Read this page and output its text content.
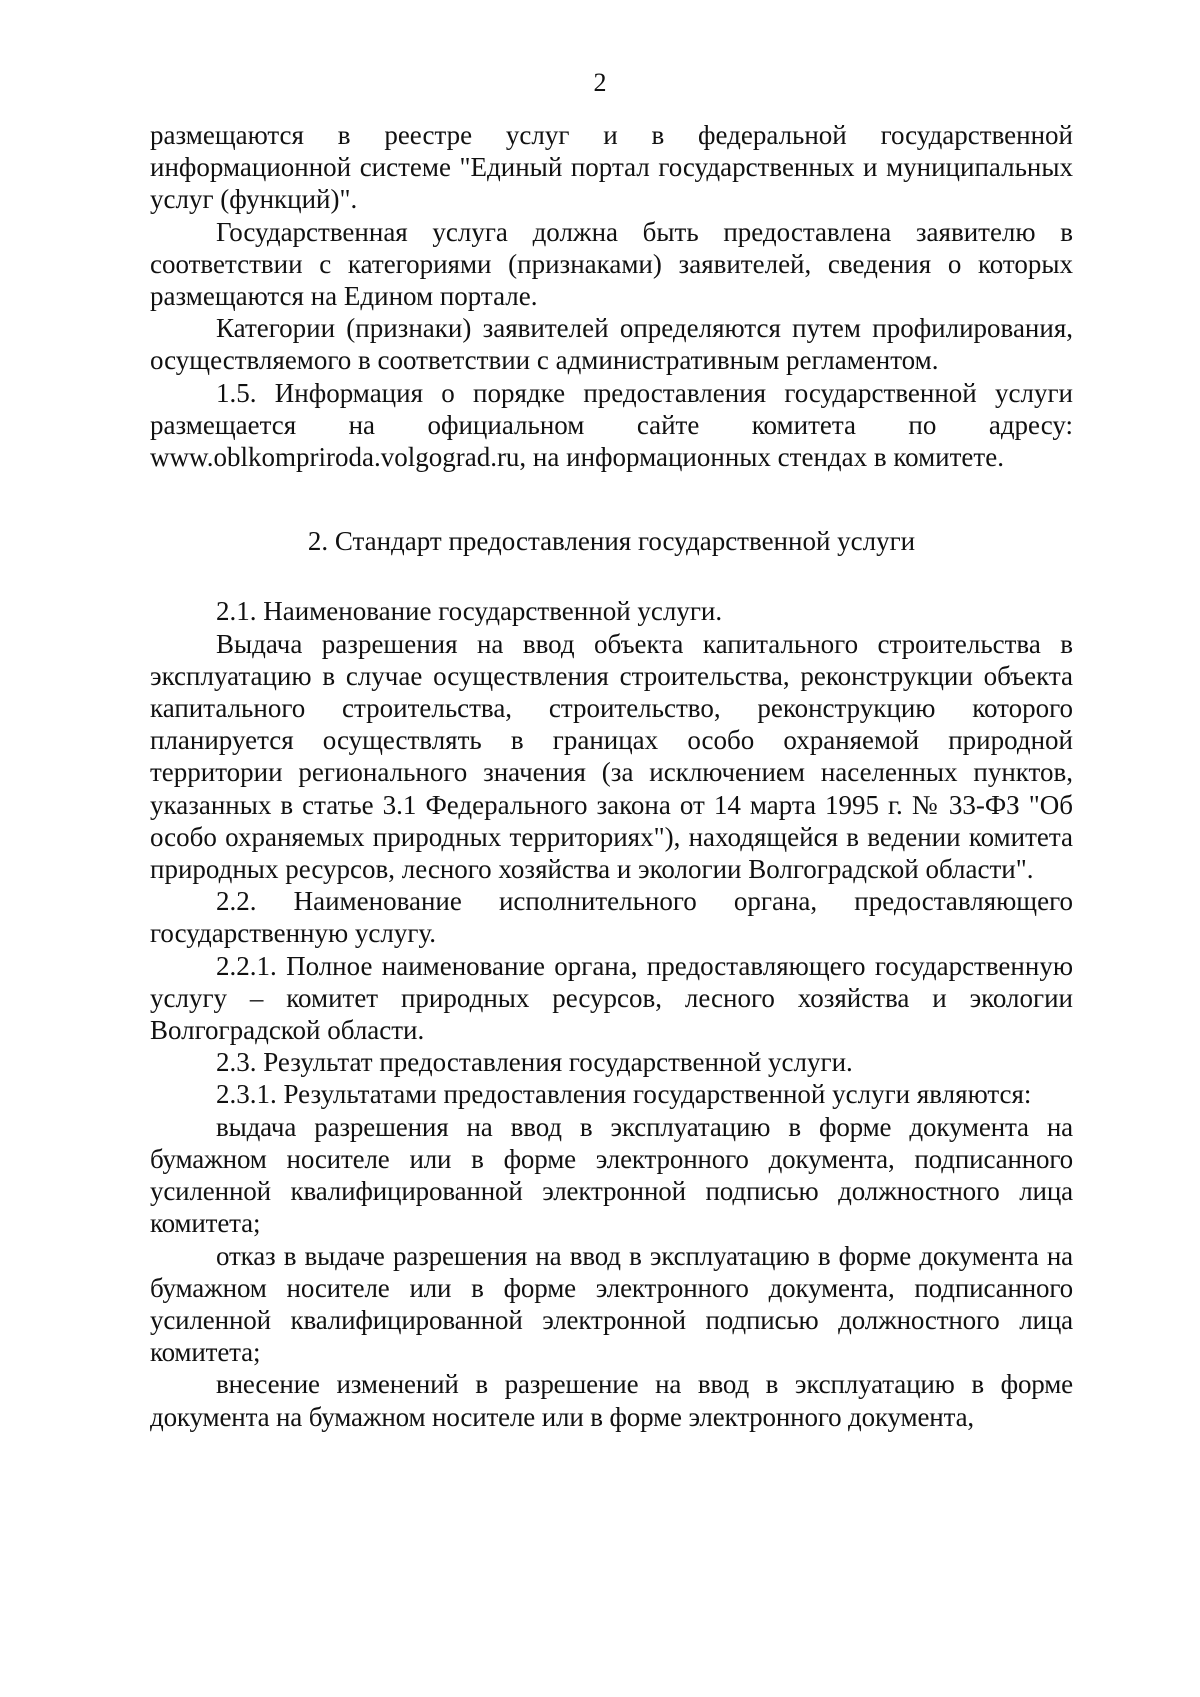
2

размещаются в реестре услуг и в федеральной государственной информационной системе "Единый портал государственных и муниципальных услуг (функций)".

Государственная услуга должна быть предоставлена заявителю в соответствии с категориями (признаками) заявителей, сведения о которых размещаются на Едином портале.

Категории (признаки) заявителей определяются путем профилирования, осуществляемого в соответствии с административным регламентом.

1.5. Информация о порядке предоставления государственной услуги размещается на официальном сайте комитета по адресу: www.oblkompriroda.volgograd.ru, на информационных стендах в комитете.

2. Стандарт предоставления государственной услуги

2.1. Наименование государственной услуги.

Выдача разрешения на ввод объекта капитального строительства в эксплуатацию в случае осуществления строительства, реконструкции объекта капитального строительства, строительство, реконструкцию которого планируется осуществлять в границах особо охраняемой природной территории регионального значения (за исключением населенных пунктов, указанных в статье 3.1 Федерального закона от 14 марта 1995 г. № 33-ФЗ "Об особо охраняемых природных территориях"), находящейся в ведении комитета природных ресурсов, лесного хозяйства и экологии Волгоградской области".

2.2. Наименование исполнительного органа, предоставляющего государственную услугу.

2.2.1. Полное наименование органа, предоставляющего государственную услугу – комитет природных ресурсов, лесного хозяйства и экологии Волгоградской области.

2.3. Результат предоставления государственной услуги.

2.3.1. Результатами предоставления государственной услуги являются:

выдача разрешения на ввод в эксплуатацию в форме документа на бумажном носителе или в форме электронного документа, подписанного усиленной квалифицированной электронной подписью должностного лица комитета;

отказ в выдаче разрешения на ввод в эксплуатацию в форме документа на бумажном носителе или в форме электронного документа, подписанного усиленной квалифицированной электронной подписью должностного лица комитета;

внесение изменений в разрешение на ввод в эксплуатацию в форме документа на бумажном носителе или в форме электронного документа,
